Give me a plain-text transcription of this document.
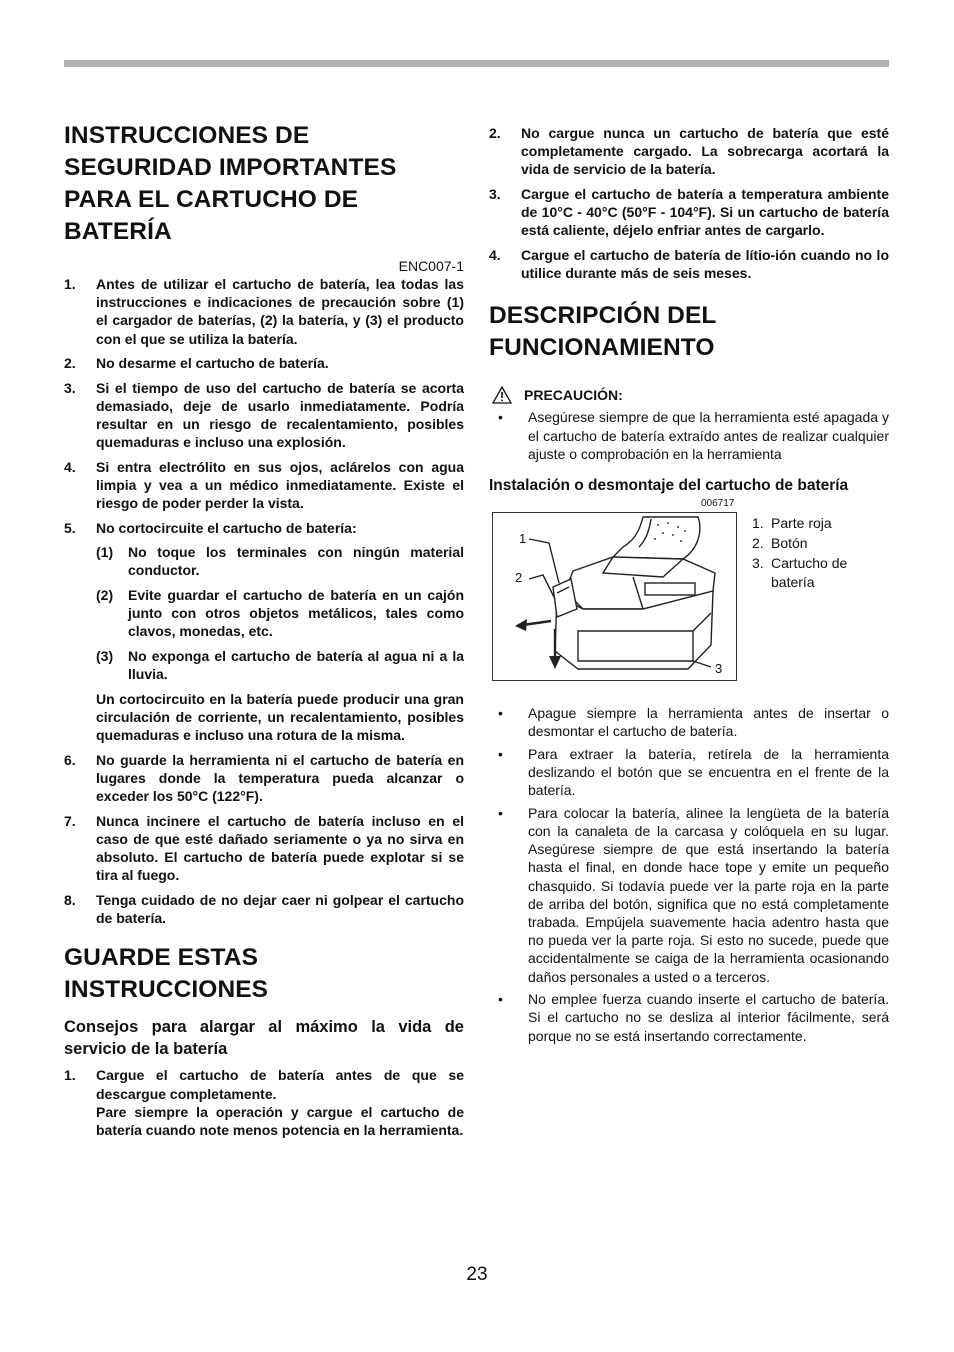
INSTRUCCIONES DE SEGURIDAD IMPORTANTES PARA EL CARTUCHO DE BATERÍA
ENC007-1
1. Antes de utilizar el cartucho de batería, lea todas las instrucciones e indicaciones de precaución sobre (1) el cargador de baterías, (2) la batería, y (3) el producto con el que se utiliza la batería.
2. No desarme el cartucho de batería.
3. Si el tiempo de uso del cartucho de batería se acorta demasiado, deje de usarlo inmediatamente. Podría resultar en un riesgo de recalentamiento, posibles quemaduras e incluso una explosión.
4. Si entra electrólito en sus ojos, aclárelos con agua limpia y vea a un médico inmediatamente. Existe el riesgo de poder perder la vista.
5. No cortocircuite el cartucho de batería:
(1) No toque los terminales con ningún material conductor.
(2) Evite guardar el cartucho de batería en un cajón junto con otros objetos metálicos, tales como clavos, monedas, etc.
(3) No exponga el cartucho de batería al agua ni a la lluvia.
Un cortocircuito en la batería puede producir una gran circulación de corriente, un recalentamiento, posibles quemaduras e incluso una rotura de la misma.
6. No guarde la herramienta ni el cartucho de batería en lugares donde la temperatura pueda alcanzar o exceder los 50°C (122°F).
7. Nunca incinere el cartucho de batería incluso en el caso de que esté dañado seriamente o ya no sirva en absoluto. El cartucho de batería puede explotar si se tira al fuego.
8. Tenga cuidado de no dejar caer ni golpear el cartucho de batería.
GUARDE ESTAS INSTRUCCIONES
Consejos para alargar al máximo la vida de servicio de la batería
1. Cargue el cartucho de batería antes de que se descargue completamente.
Pare siempre la operación y cargue el cartucho de batería cuando note menos potencia en la herramienta.
2. No cargue nunca un cartucho de batería que esté completamente cargado. La sobrecarga acortará la vida de servicio de la batería.
3. Cargue el cartucho de batería a temperatura ambiente de 10°C - 40°C (50°F - 104°F). Si un cartucho de batería está caliente, déjelo enfriar antes de cargarlo.
4. Cargue el cartucho de batería de lítio-ión cuando no lo utilice durante más de seis meses.
DESCRIPCIÓN DEL FUNCIONAMIENTO
PRECAUCIÓN:
• Asegúrese siempre de que la herramienta esté apagada y el cartucho de batería extraído antes de realizar cualquier ajuste o comprobación en la herramienta
Instalación o desmontaje del cartucho de batería
006717
1
2
3
1. Parte roja
2. Botón
3. Cartucho de batería
• Apague siempre la herramienta antes de insertar o desmontar el cartucho de batería.
• Para extraer la batería, retírela de la herramienta deslizando el botón que se encuentra en el frente de la batería.
• Para colocar la batería, alinee la lengüeta de la batería con la canaleta de la carcasa y colóquela en su lugar. Asegúrese siempre de que está insertando la batería hasta el final, en donde hace tope y emite un pequeño chasquido. Si todavía puede ver la parte roja en la parte de arriba del botón, significa que no está completamente trabada. Empújela suavemente hacia adentro hasta que no pueda ver la parte roja. Si esto no sucede, puede que accidentalmente se caiga de la herramienta ocasionando daños personales a usted o a terceros.
• No emplee fuerza cuando inserte el cartucho de batería. Si el cartucho no se desliza al interior fácilmente, será porque no se está insertando correctamente.
23
